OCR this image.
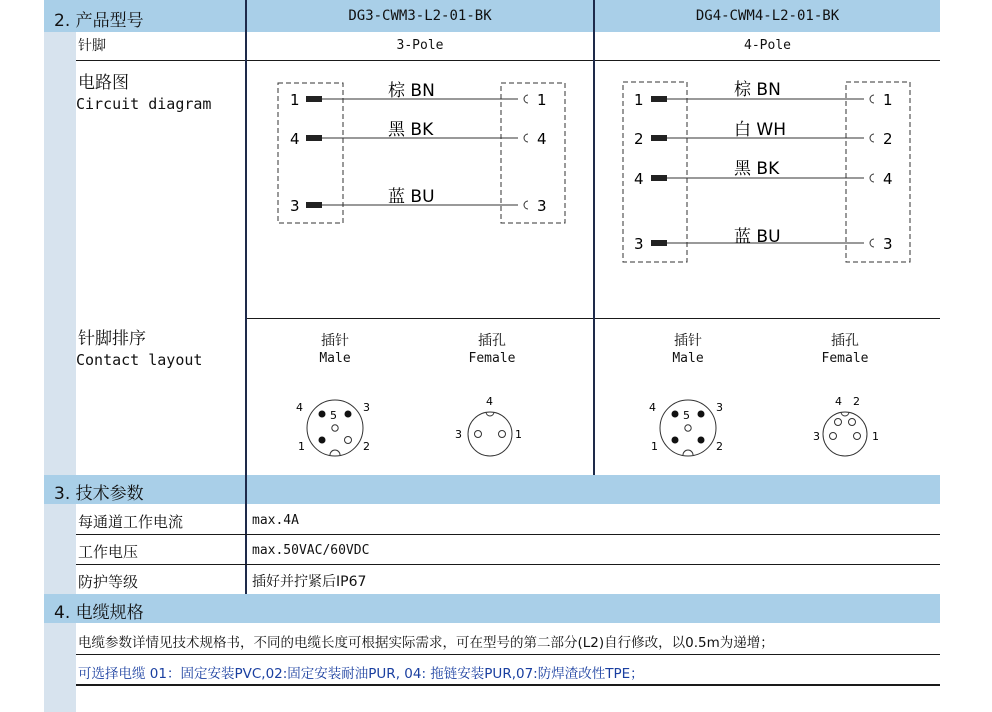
2. 产品型号	DG3-CWM3-L2-01-BK	DG4-CWM4-L2-01-BK
针脚	3-Pole	4-Pole
电路图
Circuit diagram	1	1
棕 BN
4	4
黑 BK
3	3
蓝 BU
1	1
棕 BN
2	2
白 WH
4	4
黑 BK
3	3
蓝 BU
针脚排序
Contact layout
插针
Male
插孔
Female
插针
Male
插孔
Female
4
5
3
1	2
4
3	1
4
5
3
1	2
4 2
3	1
3. 技术参数
每通道工作电流	max.4A
工作电压	max.50VAC/60VDC
防护等级	插好并拧紧后IP67
4. 电缆规格
电缆参数详情见技术规格书，不同的电缆长度可根据实际需求，可在型号的第二部分(L2)自行修改，以0.5m为递增；
可选择电缆 01：固定安装PVC,02:固定安装耐油PUR, 04: 拖链安装PUR,07:防焊渣改性TPE；
